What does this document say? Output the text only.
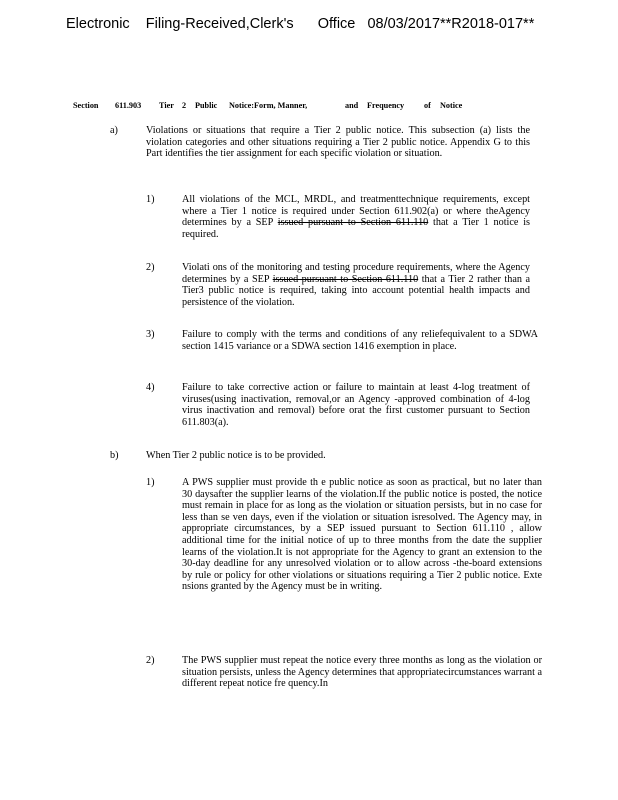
Electronic    Filing-Received,Clerk's      Office   08/03/2017**R2018-017**
Section 611.903 Tier 2 Public Notice:Form, Manner,	and Frequency of Notice
a)	Violations or situations that require a Tier 2 public notice. This subsection (a) lists the violation categories and other situations requiring a Tier 2 public notice. Appendix G to this Part identifies the tier assignment for each specific violation or situation.
1)	All violations of the MCL, MRDL, and treatmenttechnique requirements, except where a Tier 1 notice is required under Section 611.902(a) or where theAgency determines by a SEP issued pursuant to Section 611.110 that a Tier 1 notice is required.
2)	Violati ons of the monitoring and testing procedure requirements, where the Agency determines by a SEP issued pursuant to Section 611.110 that a Tier 2 rather than a Tier3 public notice is required, taking into account potential health impacts and persistence of the violation.
3)	Failure to comply with the terms and conditions of any reliefequivalent to a SDWA section 1415 variance or a SDWA section 1416 exemption in place.
4)	Failure to take corrective action or failure to maintain at least 4-log treatment of viruses(using inactivation, removal,or an Agency -approved combination of 4-log virus inactivation and removal) before orat the first customer pursuant to Section 611.803(a).
b)	When Tier 2 public notice is to be provided.
1)	A PWS supplier must provide th e public notice as soon as practical, but no later than 30 daysafter the supplier learns of the violation.If the public notice is posted, the notice must remain in place for as long as the violation or situation persists, but in no case for less than se ven days, even if the violation or situation isresolved. The Agency may, in appropriate circumstances, by a SEP issued pursuant to Section 611.110 , allow additional time for the initial notice of up to three months from the date the supplier learns of the violation.It is not appropriate for the Agency to grant an extension to the 30-day deadline for any unresolved violation or to allow across -the-board extensions by rule or policy for other violations or situations requiring a Tier 2 public notice. Exte nsions granted by the Agency must be in writing.
2)	The PWS supplier must repeat the notice every three months as long as the violation or situation persists, unless the Agency determines that appropriatecircumstances warrant a different repeat notice fre quency.In
